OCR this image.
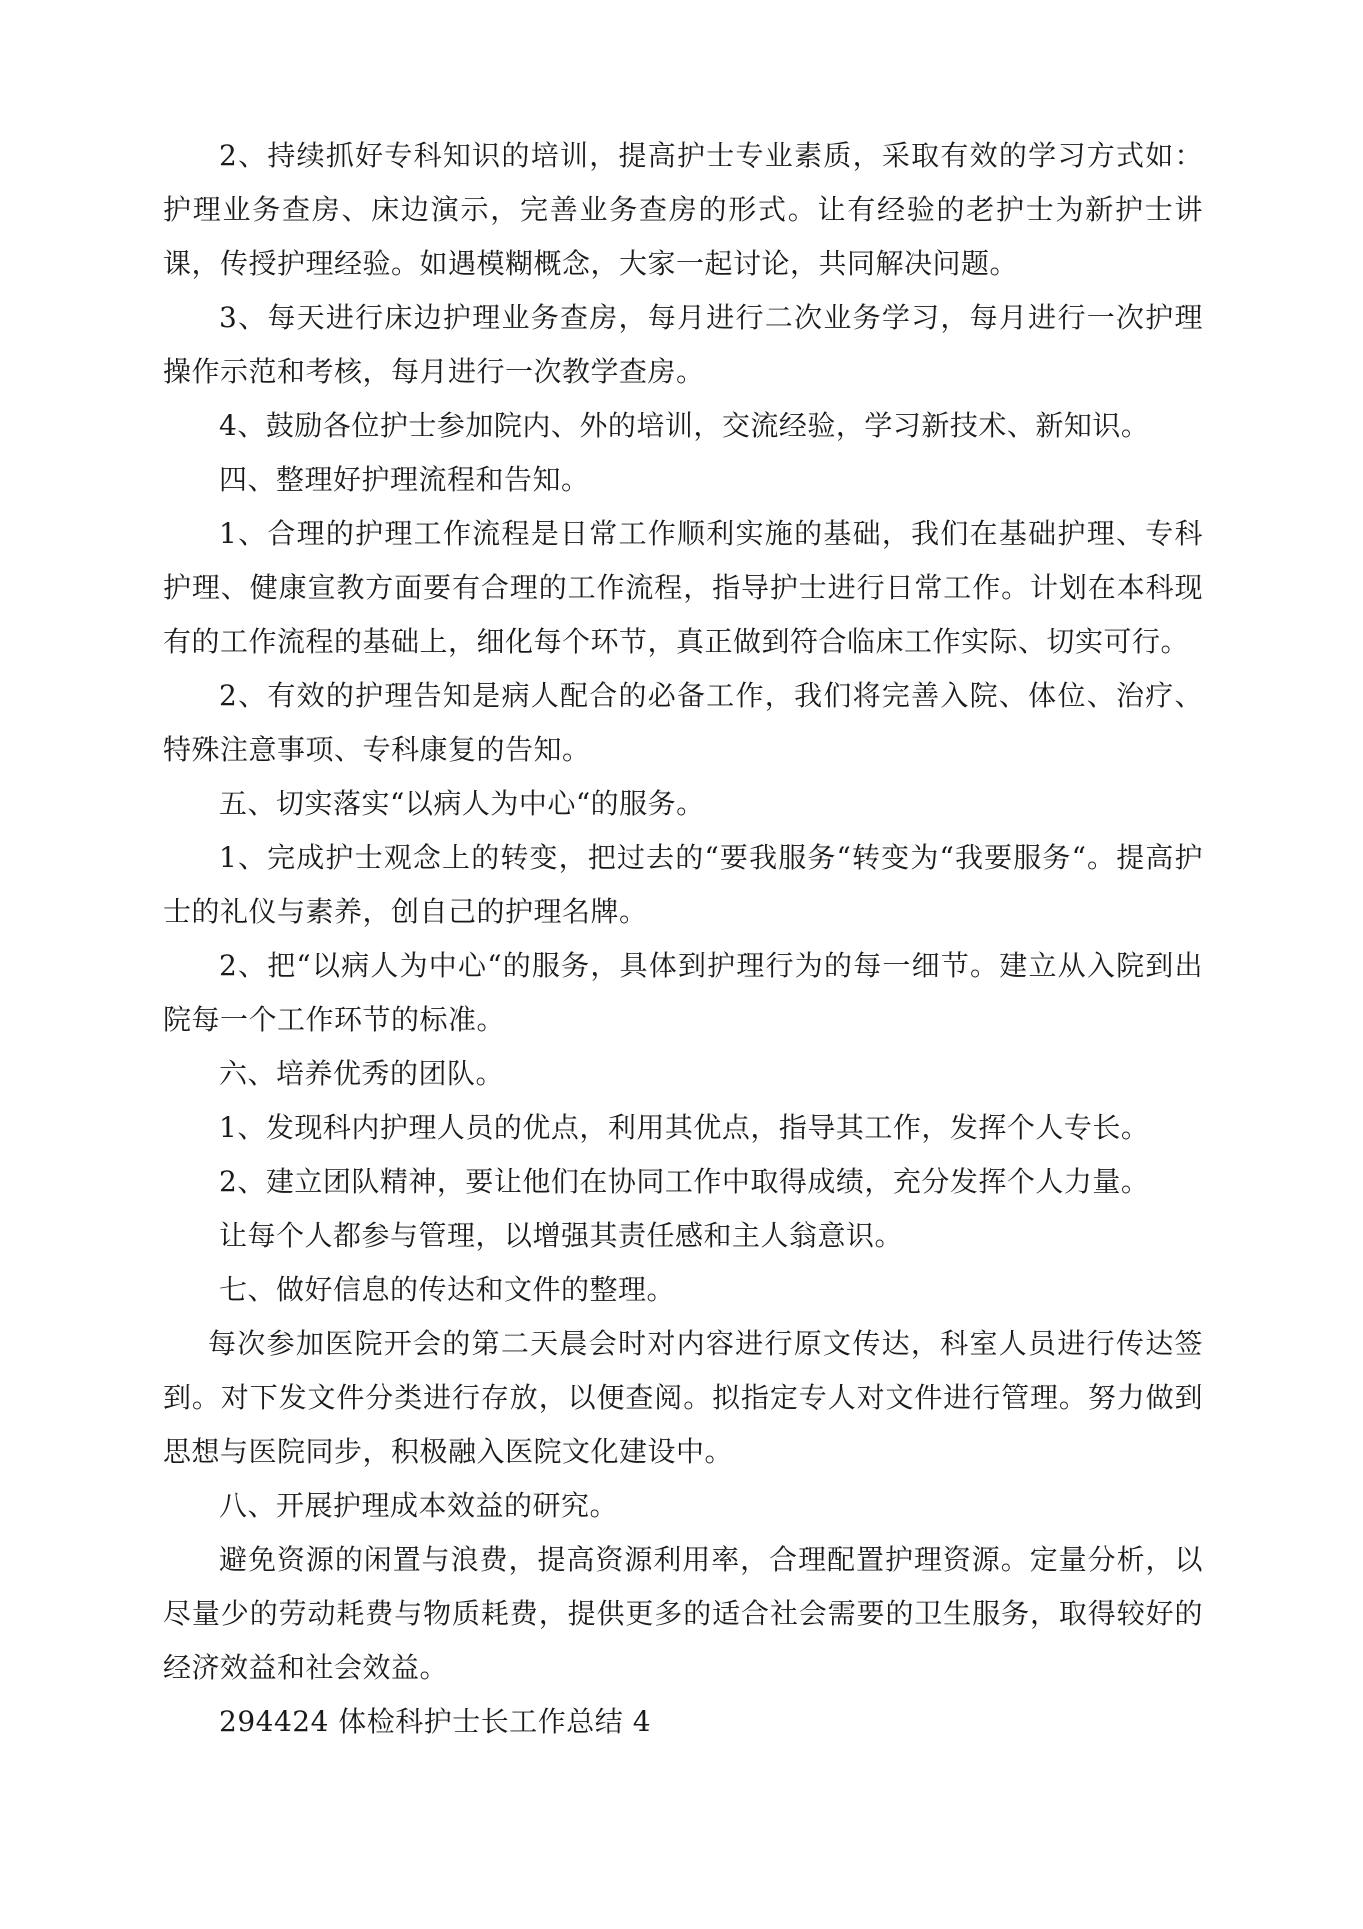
2、持续抓好专科知识的培训，提高护士专业素质，采取有效的学习方式如：护理业务查房、床边演示，完善业务查房的形式。让有经验的老护士为新护士讲课，传授护理经验。如遇模糊概念，大家一起讨论，共同解决问题。

3、每天进行床边护理业务查房，每月进行二次业务学习，每月进行一次护理操作示范和考核，每月进行一次教学查房。

4、鼓励各位护士参加院内、外的培训，交流经验，学习新技术、新知识。

四、整理好护理流程和告知。

1、合理的护理工作流程是日常工作顺利实施的基础，我们在基础护理、专科护理、健康宣教方面要有合理的工作流程，指导护士进行日常工作。计划在本科现有的工作流程的基础上，细化每个环节，真正做到符合临床工作实际、切实可行。

2、有效的护理告知是病人配合的必备工作，我们将完善入院、体位、治疗、特殊注意事项、专科康复的告知。

五、切实落实“以病人为中心“的服务。

1、完成护士观念上的转变，把过去的“要我服务“转变为“我要服务“。提高护士的礼仪与素养，创自己的护理名牌。

2、把“以病人为中心“的服务，具体到护理行为的每一细节。建立从入院到出院每一个工作环节的标准。

六、培养优秀的团队。

1、发现科内护理人员的优点，利用其优点，指导其工作，发挥个人专长。

2、建立团队精神，要让他们在协同工作中取得成绩，充分发挥个人力量。

让每个人都参与管理，以增强其责任感和主人翁意识。

七、做好信息的传达和文件的整理。

每次参加医院开会的第二天晨会时对内容进行原文传达，科室人员进行传达签到。对下发文件分类进行存放，以便查阅。拟指定专人对文件进行管理。努力做到思想与医院同步，积极融入医院文化建设中。

八、开展护理成本效益的研究。

避免资源的闲置与浪费，提高资源利用率，合理配置护理资源。定量分析，以尽量少的劳动耗费与物质耗费，提供更多的适合社会需要的卫生服务，取得较好的经济效益和社会效益。

294424 体检科护士长工作总结 4
